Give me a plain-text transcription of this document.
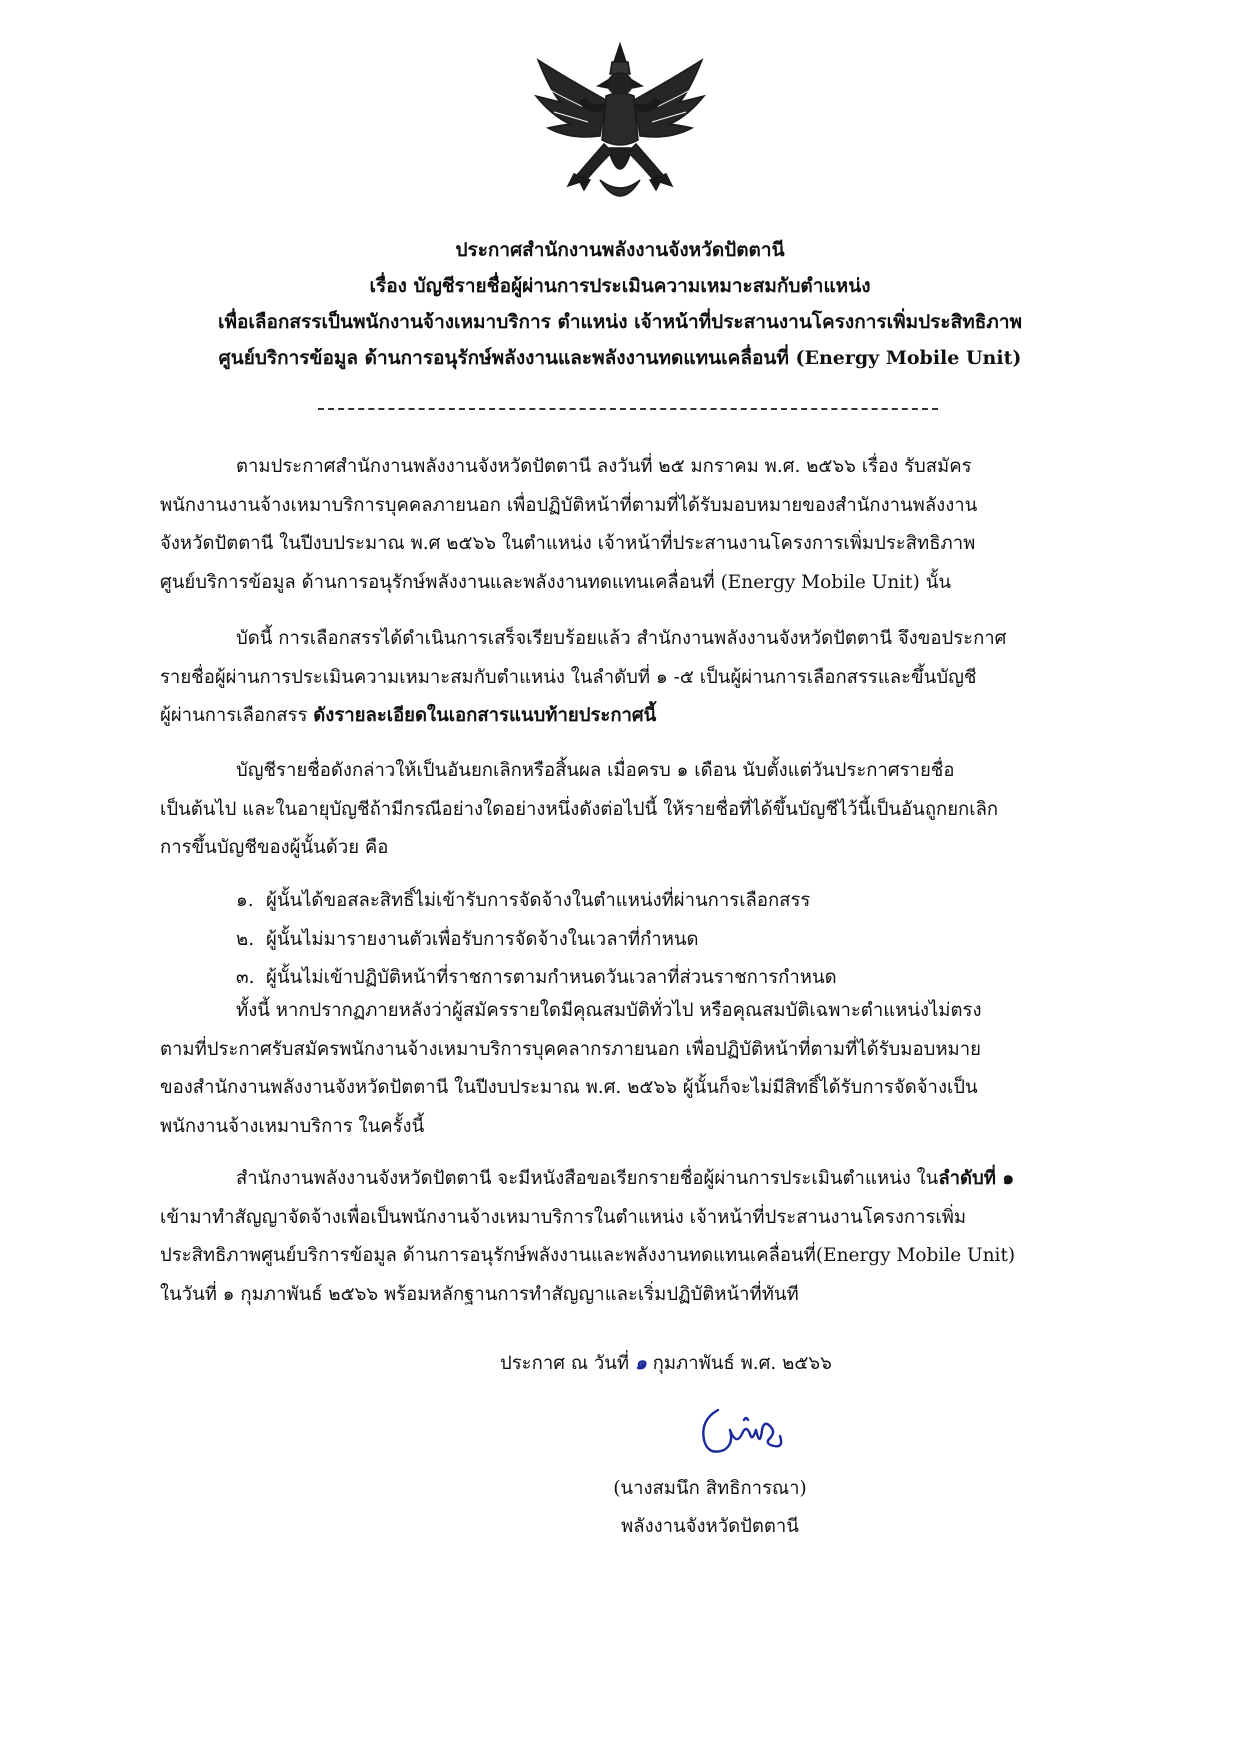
ประกาศสำนักงานพลังงานจังหวัดปัตตานี
เรื่อง บัญชีรายชื่อผู้ผ่านการประเมินความเหมาะสมกับตำแหน่ง
เพื่อเลือกสรรเป็นพนักงานจ้างเหมาบริการ ตำแหน่ง เจ้าหน้าที่ประสานงานโครงการเพิ่มประสิทธิภาพ
ศูนย์บริการข้อมูล ด้านการอนุรักษ์พลังงานและพลังงานทดแทนเคลื่อนที่ (Energy Mobile Unit)
ตามประกาศสำนักงานพลังงานจังหวัดปัตตานี ลงวันที่ ๒๕ มกราคม พ.ศ. ๒๕๖๖ เรื่อง รับสมัคร
พนักงานงานจ้างเหมาบริการบุคคลภายนอก เพื่อปฏิบัติหน้าที่ตามที่ได้รับมอบหมายของสำนักงานพลังงาน
จังหวัดปัตตานี ในปีงบประมาณ พ.ศ ๒๕๖๖ ในตำแหน่ง เจ้าหน้าที่ประสานงานโครงการเพิ่มประสิทธิภาพ
ศูนย์บริการข้อมูล ด้านการอนุรักษ์พลังงานและพลังงานทดแทนเคลื่อนที่ (Energy Mobile Unit) นั้น
บัดนี้ การเลือกสรรได้ดำเนินการเสร็จเรียบร้อยแล้ว สำนักงานพลังงานจังหวัดปัตตานี จึงขอประกาศ
รายชื่อผู้ผ่านการประเมินความเหมาะสมกับตำแหน่ง ในลำดับที่ ๑ -๕ เป็นผู้ผ่านการเลือกสรรและขึ้นบัญชี
ผู้ผ่านการเลือกสรร ดังรายละเอียดในเอกสารแนบท้ายประกาศนี้
บัญชีรายชื่อดังกล่าวให้เป็นอันยกเลิกหรือสิ้นผล เมื่อครบ ๑ เดือน นับตั้งแต่วันประกาศรายชื่อ
เป็นต้นไป และในอายุบัญชีถ้ามีกรณีอย่างใดอย่างหนึ่งดังต่อไปนี้ ให้รายชื่อที่ได้ขึ้นบัญชีไว้นี้เป็นอันถูกยกเลิก
การขึ้นบัญชีของผู้นั้นด้วย คือ
๑. ผู้นั้นได้ขอสละสิทธิ์ไม่เข้ารับการจัดจ้างในตำแหน่งที่ผ่านการเลือกสรร
๒. ผู้นั้นไม่มารายงานตัวเพื่อรับการจัดจ้างในเวลาที่กำหนด
๓. ผู้นั้นไม่เข้าปฏิบัติหน้าที่ราชการตามกำหนดวันเวลาที่ส่วนราชการกำหนด
ทั้งนี้ หากปรากฏภายหลังว่าผู้สมัครรายใดมีคุณสมบัติทั่วไป หรือคุณสมบัติเฉพาะตำแหน่งไม่ตรง
ตามที่ประกาศรับสมัครพนักงานจ้างเหมาบริการบุคคลากรภายนอก เพื่อปฏิบัติหน้าที่ตามที่ได้รับมอบหมาย
ของสำนักงานพลังงานจังหวัดปัตตานี ในปีงบประมาณ พ.ศ. ๒๕๖๖ ผู้นั้นก็จะไม่มีสิทธิ์ได้รับการจัดจ้างเป็น
พนักงานจ้างเหมาบริการ ในครั้งนี้
สำนักงานพลังงานจังหวัดปัตตานี จะมีหนังสือขอเรียกรายชื่อผู้ผ่านการประเมินตำแหน่ง ในลำดับที่ ๑
เข้ามาทำสัญญาจัดจ้างเพื่อเป็นพนักงานจ้างเหมาบริการในตำแหน่ง เจ้าหน้าที่ประสานงานโครงการเพิ่ม
ประสิทธิภาพศูนย์บริการข้อมูล ด้านการอนุรักษ์พลังงานและพลังงานทดแทนเคลื่อนที่(Energy Mobile Unit)
ในวันที่ ๑ กุมภาพันธ์ ๒๕๖๖ พร้อมหลักฐานการทำสัญญาและเริ่มปฏิบัติหน้าที่ทันที
ประกาศ ณ วันที่ ๑ กุมภาพันธ์ พ.ศ. ๒๕๖๖
(นางสมนึก สิทธิการณา)
พลังงานจังหวัดปัตตานี
